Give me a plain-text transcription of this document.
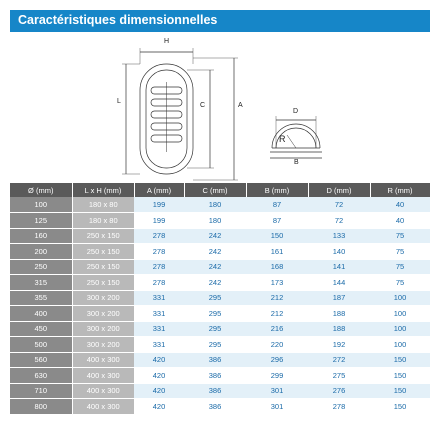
Caractéristiques dimensionnelles
H
L
C	A
D
R
B
Ø (mm)	L x H (mm)	A (mm)	C (mm)	B (mm)	D (mm)	R (mm)
100	180 x 80	199	180	87	72	40
125	180 x 80	199	180	87	72	40
160	250 x 150	278	242	150	133	75
200	250 x 150	278	242	161	140	75
250	250 x 150	278	242	168	141	75
315	250 x 150	278	242	173	144	75
355	300 x 200	331	295	212	187	100
400	300 x 200	331	295	212	188	100
450	300 x 200	331	295	216	188	100
500	300 x 200	331	295	220	192	100
560	400 x 300	420	386	296	272	150
630	400 x 300	420	386	299	275	150
710	400 x 300	420	386	301	276	150
800	400 x 300	420	386	301	278	150
